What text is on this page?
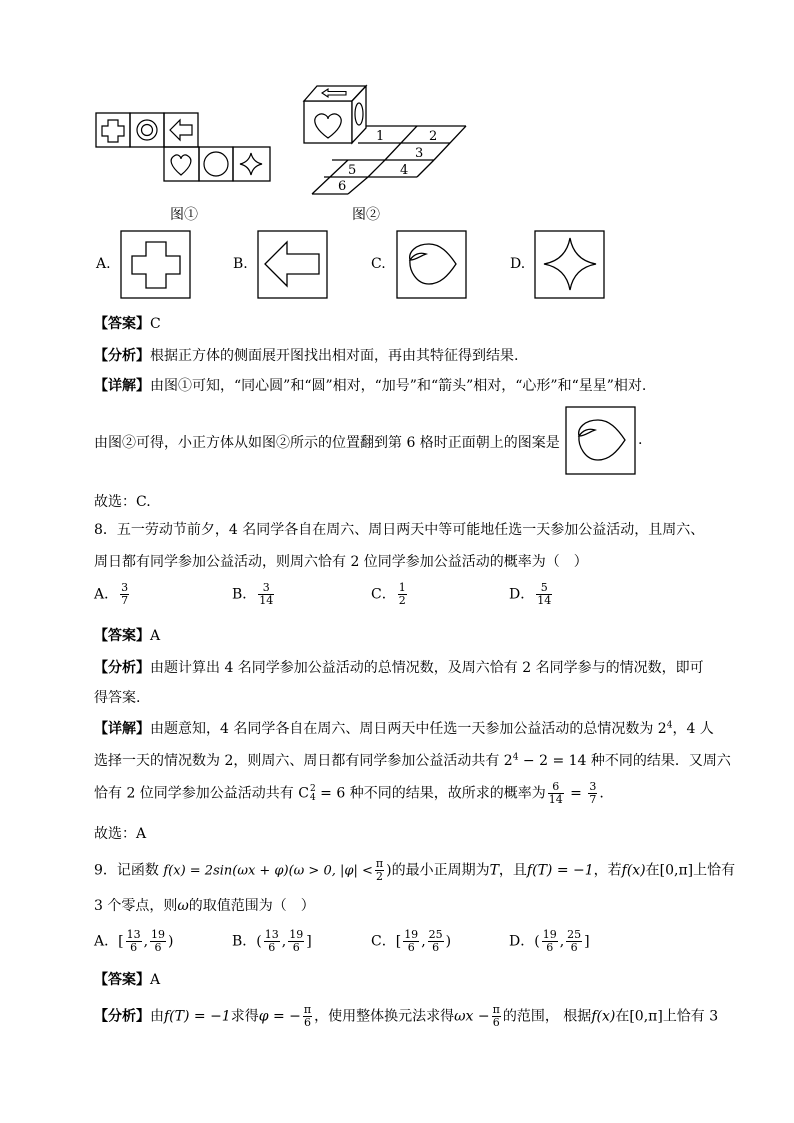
图①
1	2
3
4
5
6
图②
A.	B.	C.	D.
【答案】C
【分析】根据正方体的侧面展开图找出相对面，再由其特征得到结果.
【详解】由图①可知，“同心圆”和“圆”相对，“加号”和“箭头”相对，“心形”和“星星”相对.
由图②可得，小正方体从如图②所示的位置翻到第 6 格时正面朝上的图案是	.
故选：C.
8．五一劳动节前夕，4 名同学各自在周六、周日两天中等可能地任选一天参加公益活动，且周六、
周日都有同学参加公益活动，则周六恰有 2 位同学参加公益活动的概率为（　）
A． $\frac{3}{7}$	B． $\frac{3}{14}$	C． $\frac{1}{2}$	D． $\frac{5}{14}$
【答案】A
【分析】由题计算出 4 名同学参加公益活动的总情况数，及周六恰有 2 名同学参与的情况数，即可
得答案.
【详解】由题意知，4 名同学各自在周六、周日两天中任选一天参加公益活动的总情况数为 $2^4$，4 人
选择一天的情况数为 2，则周六、周日都有同学参加公益活动共有 $2^4 - 2 = 14$ 种不同的结果．又周六
恰有 2 位同学参加公益活动共有 C 2
4 = 6 种不同的结果，故所求的概率为 $\frac{6}{14} = \frac{3}{7}$ .
故选：A
9．记函数 f(x) = 2sin(ωx + φ)(ω > 0, $|\varphi| < \frac{\pi}{2}$ )的最小正周期为T，且f(T) = −1，若f(x)在[0,π]上恰有
3 个零点，则ω的取值范围为（　）
A．[ $\frac{13}{6}$ , $\frac{19}{6}$ )	B．( $\frac{13}{6}$ , $\frac{19}{6}$ ]	C．[ $\frac{19}{6}$ , $\frac{25}{6}$ )	D．( $\frac{19}{6}$ , $\frac{25}{6}$ ]
【答案】A
【分析】由f(T) = −1求得φ = − $\frac{\pi}{6}$ ，使用整体换元法求得$\omega x - \frac{\pi}{6}$ 的范围， 根据f(x)在[0,π]上恰有 3
